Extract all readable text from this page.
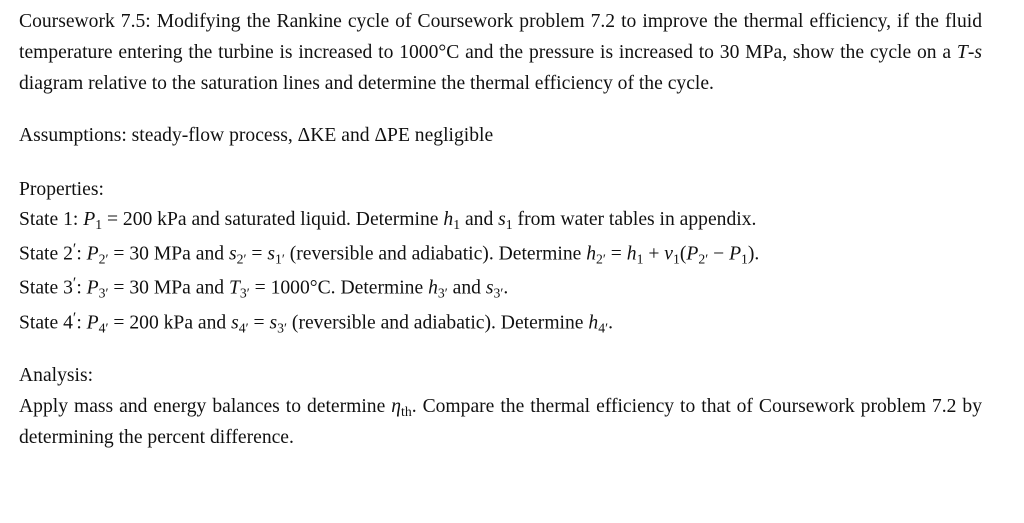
Coursework 7.5: Modifying the Rankine cycle of Coursework problem 7.2 to improve the thermal efficiency, if the fluid temperature entering the turbine is increased to 1000°C and the pressure is increased to 30 MPa, show the cycle on a T-s diagram relative to the saturation lines and determine the thermal efficiency of the cycle.

Assumptions: steady-flow process, ΔKE and ΔPE negligible

Properties:

State 1: $P_1 = 200$ kPa and saturated liquid. Determine $h_1$ and $s_1$ from water tables in appendix.

State 2′: $P_{2'} = 30$ MPa and $s_{2'} = s_{1'}$ (reversible and adiabatic). Determine $h_{2'} = h_1 + v_1(P_{2'} - P_1)$.

State 3′: $P_{3'} = 30$ MPa and $T_{3'} = 1000^\circ C$. Determine $h_{3'}$ and $s_{3'}$.

State 4′: $P_{4'} = 200$ kPa and $s_{4'} = s_{3'}$ (reversible and adiabatic). Determine $h_{4'}$.

Analysis:

Apply mass and energy balances to determine $\eta_{th}$. Compare the thermal efficiency to that of Coursework problem 7.2 by determining the percent difference.
